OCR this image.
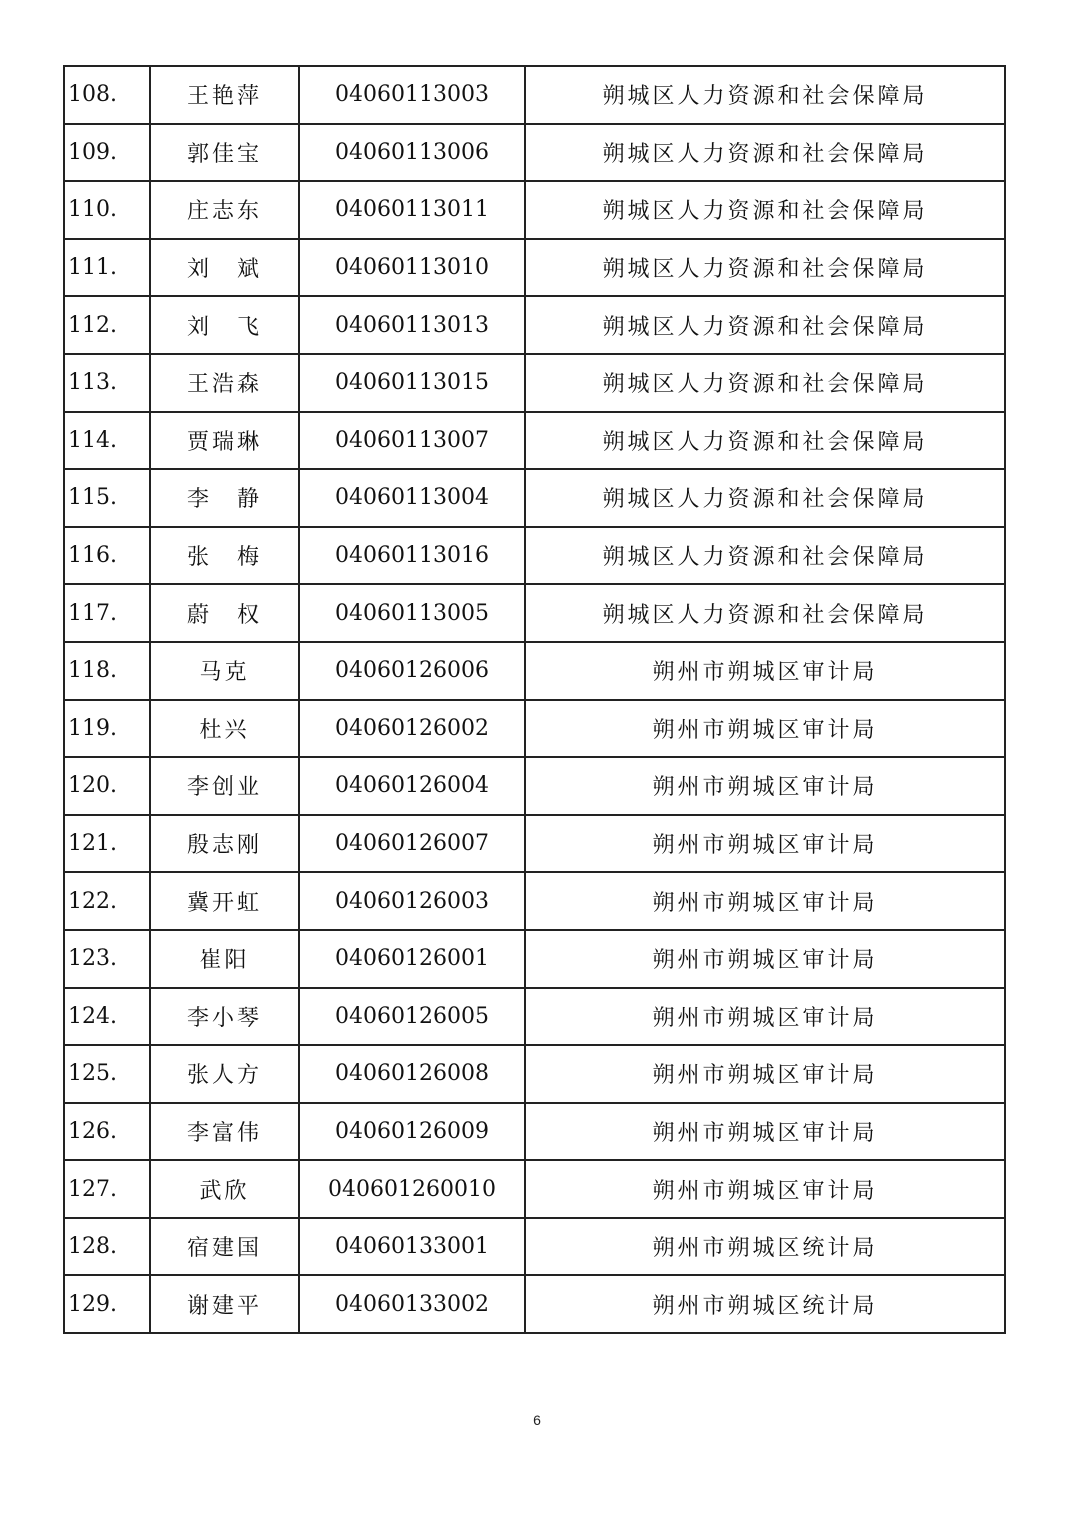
108.	王艳萍	04060113003	朔城区人力资源和社会保障局
109.	郭佳宝	04060113006	朔城区人力资源和社会保障局
110.	庄志东	04060113011	朔城区人力资源和社会保障局
111.	刘　斌	04060113010	朔城区人力资源和社会保障局
112.	刘　飞	04060113013	朔城区人力资源和社会保障局
113.	王浩森	04060113015	朔城区人力资源和社会保障局
114.	贾瑞琳	04060113007	朔城区人力资源和社会保障局
115.	李　静	04060113004	朔城区人力资源和社会保障局
116.	张　梅	04060113016	朔城区人力资源和社会保障局
117.	蔚　权	04060113005	朔城区人力资源和社会保障局
118.	马克	04060126006	朔州市朔城区审计局
119.	杜兴	04060126002	朔州市朔城区审计局
120.	李创业	04060126004	朔州市朔城区审计局
121.	殷志刚	04060126007	朔州市朔城区审计局
122.	冀开虹	04060126003	朔州市朔城区审计局
123.	崔阳	04060126001	朔州市朔城区审计局
124.	李小琴	04060126005	朔州市朔城区审计局
125.	张人方	04060126008	朔州市朔城区审计局
126.	李富伟	04060126009	朔州市朔城区审计局
127.	武欣	040601260010	朔州市朔城区审计局
128.	宿建国	04060133001	朔州市朔城区统计局
129.	谢建平	04060133002	朔州市朔城区统计局
6
